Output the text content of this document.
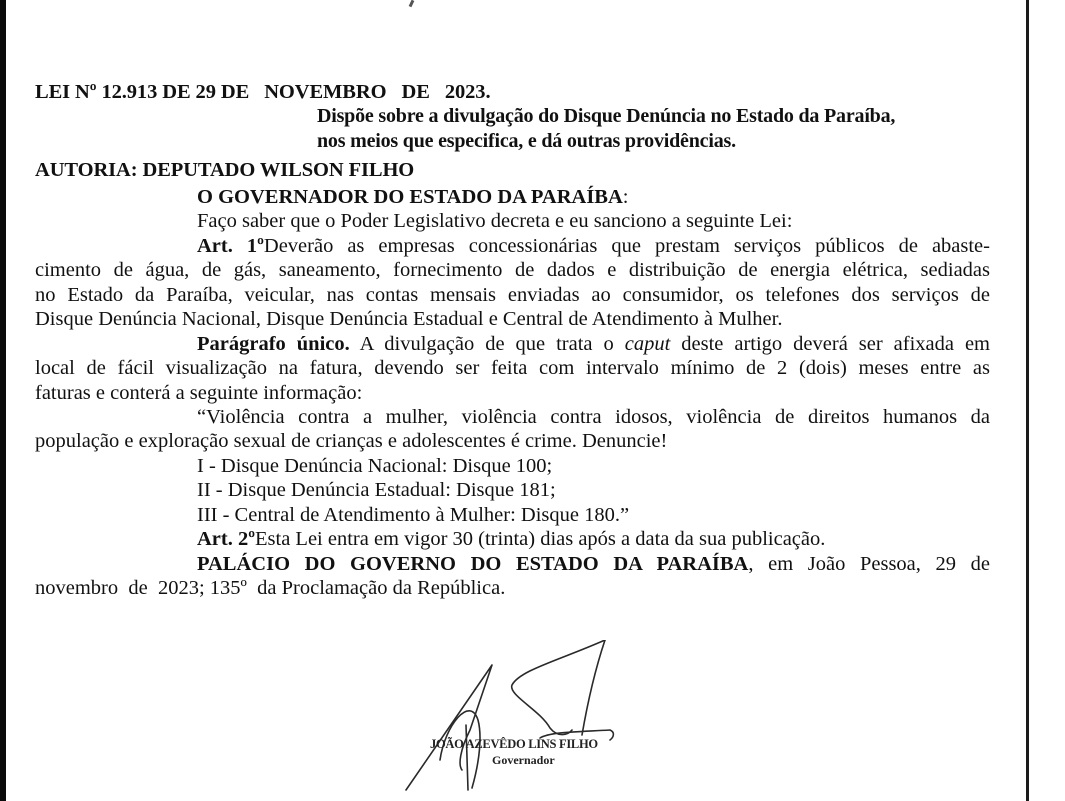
LEI Nº 12.913 DE 29 DE   NOVEMBRO   DE   2023.

AUTORIA: DEPUTADO WILSON FILHO

Dispõe sobre a divulgação do Disque Denúncia no Estado da Paraíba,
nos meios que especifica, e dá outras providências.
O GOVERNADOR DO ESTADO DA PARAÍBA:
Faço saber que o Poder Legislativo decreta e eu sanciono a seguinte Lei:
Art. 1ºDeverão as empresas concessionárias que prestam serviços públicos de abaste-
cimento de água, de gás, saneamento, fornecimento de dados e distribuição de energia elétrica, sediadas
no Estado da Paraíba, veicular, nas contas mensais enviadas ao consumidor, os telefones dos serviços de
Disque Denúncia Nacional, Disque Denúncia Estadual e Central de Atendimento à Mulher.
Parágrafo único. A divulgação de que trata o caput deste artigo deverá ser afixada em
local de fácil visualização na fatura, devendo ser feita com intervalo mínimo de 2 (dois) meses entre as
faturas e conterá a seguinte informação:
“Violência contra a mulher, violência contra idosos, violência de direitos humanos da
população e exploração sexual de crianças e adolescentes é crime. Denuncie!
I - Disque Denúncia Nacional: Disque 100;
II - Disque Denúncia Estadual: Disque 181;
III - Central de Atendimento à Mulher: Disque 180.”
Art. 2ºEsta Lei entra em vigor 30 (trinta) dias após a data da sua publicação.
PALÁCIO DO GOVERNO DO ESTADO DA PARAÍBA, em João Pessoa, 29 de
novembro  de  2023; 135º  da Proclamação da República.
JOÃO AZEVÊDO LINS FILHO
Governador
